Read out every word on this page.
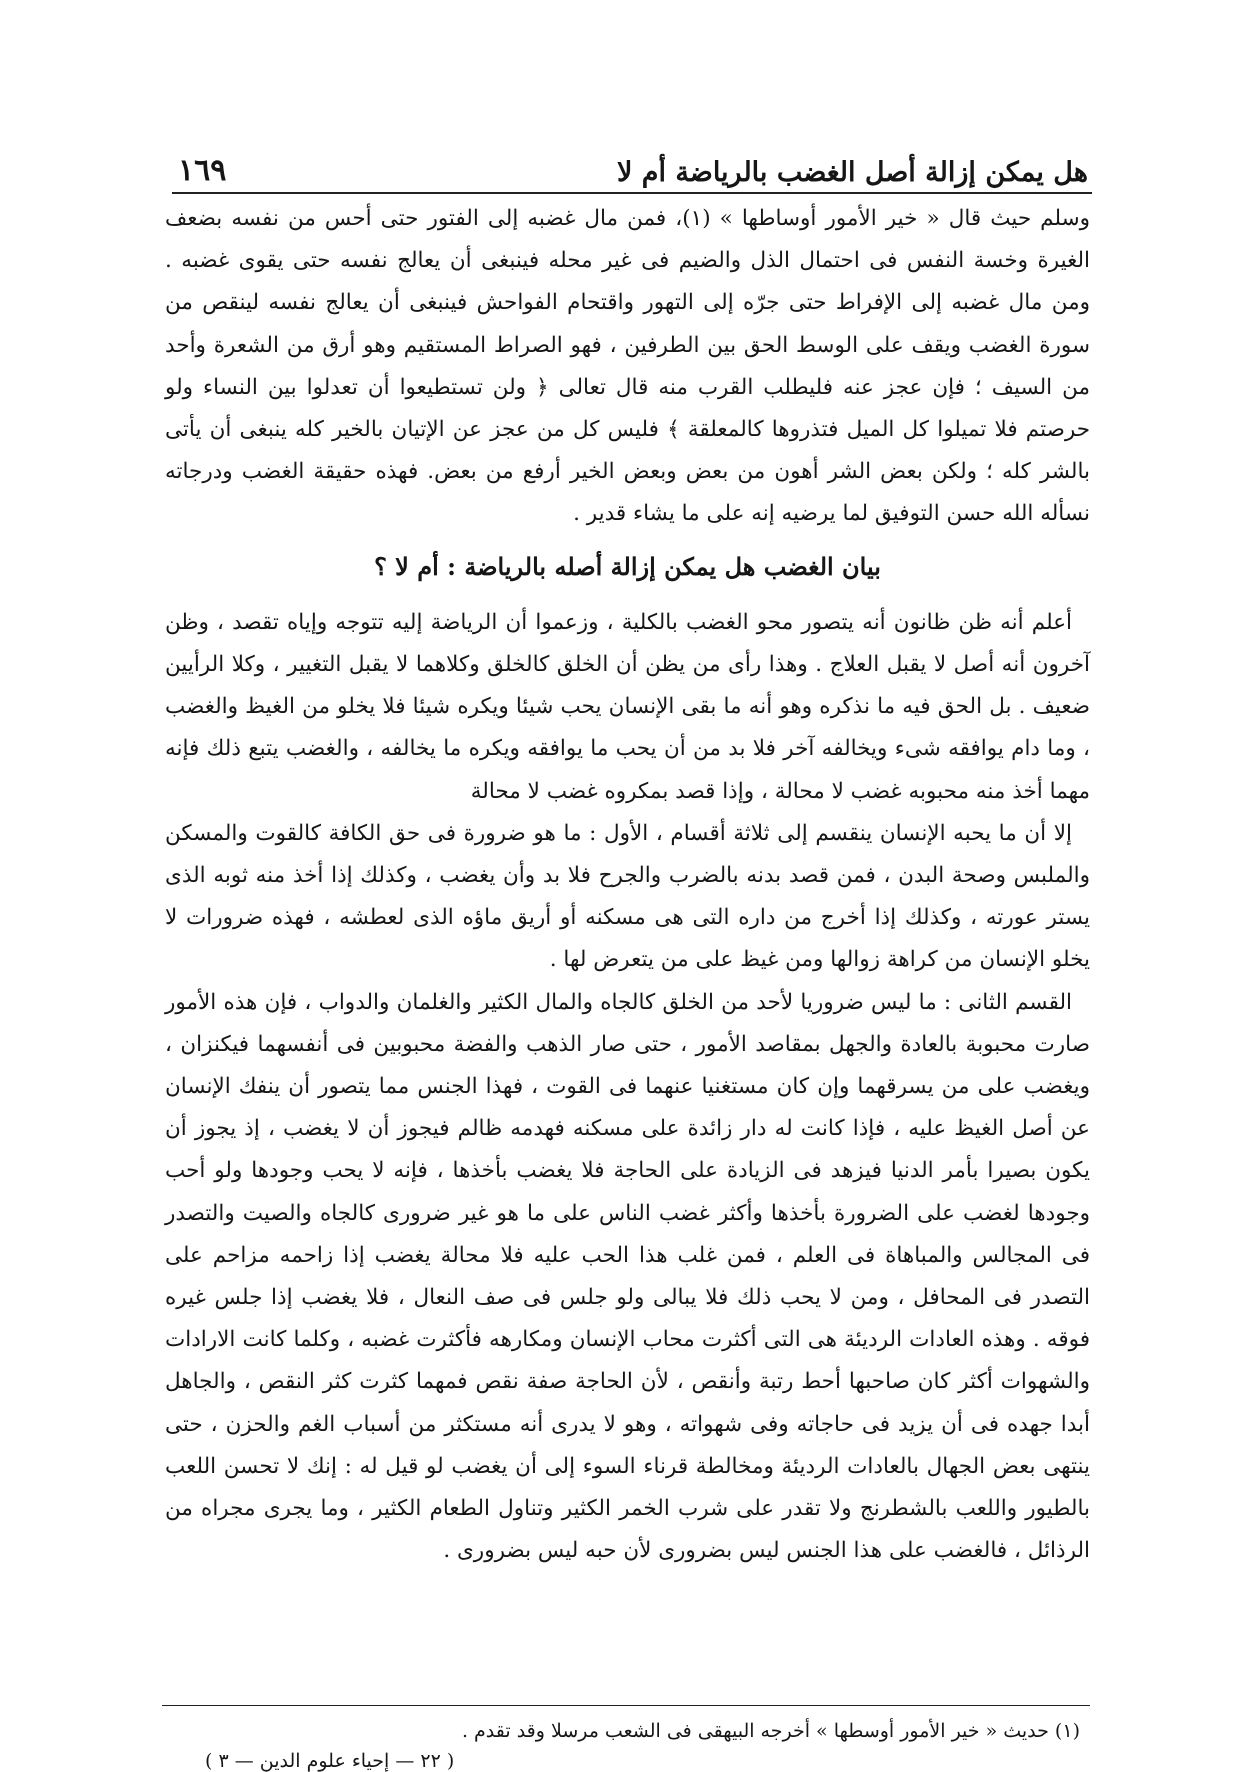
هل يمكن إزالة أصل الغضب بالرياضة أم لا
١٦٩

وسلم حيث قال « خير الأمور أوساطها » (١)، فمن مال غضبه إلى الفتور حتى أحس من نفسه بضعف الغيرة وخسة النفس فى احتمال الذل والضيم فى غير محله فينبغى أن يعالج نفسه حتى يقوى غضبه . ومن مال غضبه إلى الإفراط حتى جرّه إلى التهور واقتحام الفواحش فينبغى أن يعالج نفسه لينقص من سورة الغضب ويقف على الوسط الحق بين الطرفين ، فهو الصراط المستقيم وهو أرق من الشعرة وأحد من السيف ؛ فإن عجز عنه فليطلب القرب منه قال تعالى ﴿ ولن تستطيعوا أن تعدلوا بين النساء ولو حرصتم فلا تميلوا كل الميل فتذروها كالمعلقة ﴾ فليس كل من عجز عن الإتيان بالخير كله ينبغى أن يأتى بالشر كله ؛ ولكن بعض الشر أهون من بعض وبعض الخير أرفع من بعض. فهذه حقيقة الغضب ودرجاته نسأله الله حسن التوفيق لما يرضيه إنه على ما يشاء قدير .

بيان الغضب هل يمكن إزالة أصله بالرياضة : أم لا ؟

أعلم أنه ظن ظانون أنه يتصور محو الغضب بالكلية ، وزعموا أن الرياضة إليه تتوجه وإياه تقصد ، وظن آخرون أنه أصل لا يقبل العلاج . وهذا رأى من يظن أن الخلق كالخلق وكلاهما لا يقبل التغيير ، وكلا الرأيين ضعيف . بل الحق فيه ما نذكره وهو أنه ما بقى الإنسان يحب شيئا ويكره شيئا فلا يخلو من الغيظ والغضب ، وما دام يوافقه شىء ويخالفه آخر فلا بد من أن يحب ما يوافقه ويكره ما يخالفه ، والغضب يتبع ذلك فإنه مهما أخذ منه محبوبه غضب لا محالة ، وإذا قصد بمكروه غضب لا محالة

إلا أن ما يحبه الإنسان ينقسم إلى ثلاثة أقسام ، الأول : ما هو ضرورة فى حق الكافة كالقوت والمسكن والملبس وصحة البدن ، فمن قصد بدنه بالضرب والجرح فلا بد وأن يغضب ، وكذلك إذا أخذ منه ثوبه الذى يستر عورته ، وكذلك إذا أخرج من داره التى هى مسكنه أو أريق ماؤه الذى لعطشه ، فهذه ضرورات لا يخلو الإنسان من كراهة زوالها ومن غيظ على من يتعرض لها .

القسم الثانى : ما ليس ضروريا لأحد من الخلق كالجاه والمال الكثير والغلمان والدواب ، فإن هذه الأمور صارت محبوبة بالعادة والجهل بمقاصد الأمور ، حتى صار الذهب والفضة محبوبين فى أنفسهما فيكنزان ، ويغضب على من يسرقهما وإن كان مستغنيا عنهما فى القوت ، فهذا الجنس مما يتصور أن ينفك الإنسان عن أصل الغيظ عليه ، فإذا كانت له دار زائدة على مسكنه فهدمه ظالم فيجوز أن لا يغضب ، إذ يجوز أن يكون بصيرا بأمر الدنيا فيزهد فى الزيادة على الحاجة فلا يغضب بأخذها ، فإنه لا يحب وجودها ولو أحب وجودها لغضب على الضرورة بأخذها وأكثر غضب الناس على ما هو غير ضرورى كالجاه والصيت والتصدر فى المجالس والمباهاة فى العلم ، فمن غلب هذا الحب عليه فلا محالة يغضب إذا زاحمه مزاحم على التصدر فى المحافل ، ومن لا يحب ذلك فلا يبالى ولو جلس فى صف النعال ، فلا يغضب إذا جلس غيره فوقه . وهذه العادات الرديئة هى التى أكثرت محاب الإنسان ومكارهه فأكثرت غضبه ، وكلما كانت الارادات والشهوات أكثر كان صاحبها أحط رتبة وأنقص ، لأن الحاجة صفة نقص فمهما كثرت كثر النقص ، والجاهل أبدا جهده فى أن يزيد فى حاجاته وفى شهواته ، وهو لا يدرى أنه مستكثر من أسباب الغم والحزن ، حتى ينتهى بعض الجهال بالعادات الرديئة ومخالطة قرناء السوء إلى أن يغضب لو قيل له : إنك لا تحسن اللعب بالطيور واللعب بالشطرنج ولا تقدر على شرب الخمر الكثير وتناول الطعام الكثير ، وما يجرى مجراه من الرذائل ، فالغضب على هذا الجنس ليس بضرورى لأن حبه ليس بضرورى .

(١) حديث « خير الأمور أوسطها » أخرجه البيهقى فى الشعب مرسلا وقد تقدم .

( ٢٢ — إحياء علوم الدين — ٣ )
